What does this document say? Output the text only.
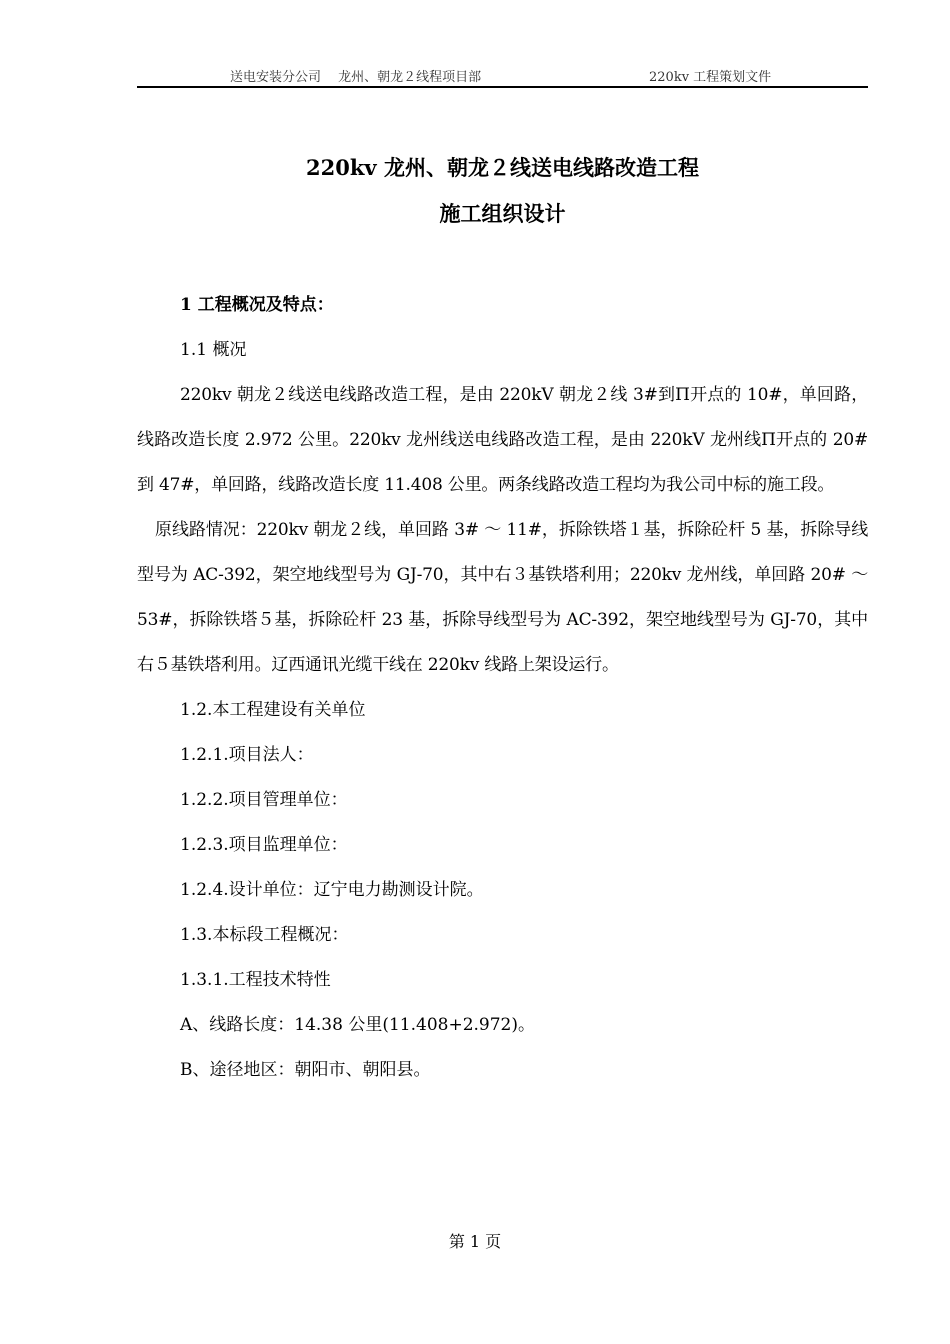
送电安装分公司　 龙州、朝龙２线程项目部	220kv 工程策划文件
220kv 龙州、朝龙２线送电线路改造工程
施工组织设计

1 工程概况及特点：

1.1 概况

220kv 朝龙２线送电线路改造工程，是由 220kV 朝龙２线 3#到Π开点的 10#，单回路，线路改造长度 2.972 公里。220kv 龙州线送电线路改造工程，是由 220kV 龙州线Π开点的 20#到 47#，单回路，线路改造长度 11.408 公里。两条线路改造工程均为我公司中标的施工段。

原线路情况：220kv 朝龙２线，单回路 3# ～ 11#，拆除铁塔１基，拆除砼杆 5 基，拆除导线型号为 AC-392，架空地线型号为 GJ-70，其中右３基铁塔利用；220kv 龙州线，单回路 20# ～ 53#，拆除铁塔５基，拆除砼杆 23 基，拆除导线型号为 AC-392，架空地线型号为 GJ-70，其中右５基铁塔利用。辽西通讯光缆干线在 220kv 线路上架设运行。

1.2.本工程建设有关单位

1.2.1.项目法人：

1.2.2.项目管理单位：

1.2.3.项目监理单位：

1.2.4.设计单位：辽宁电力勘测设计院。

1.3.本标段工程概况：

1.3.1.工程技术特性

A、线路长度：14.38 公里(11.408+2.972)。

B、途径地区：朝阳市、朝阳县。

第 1 页
